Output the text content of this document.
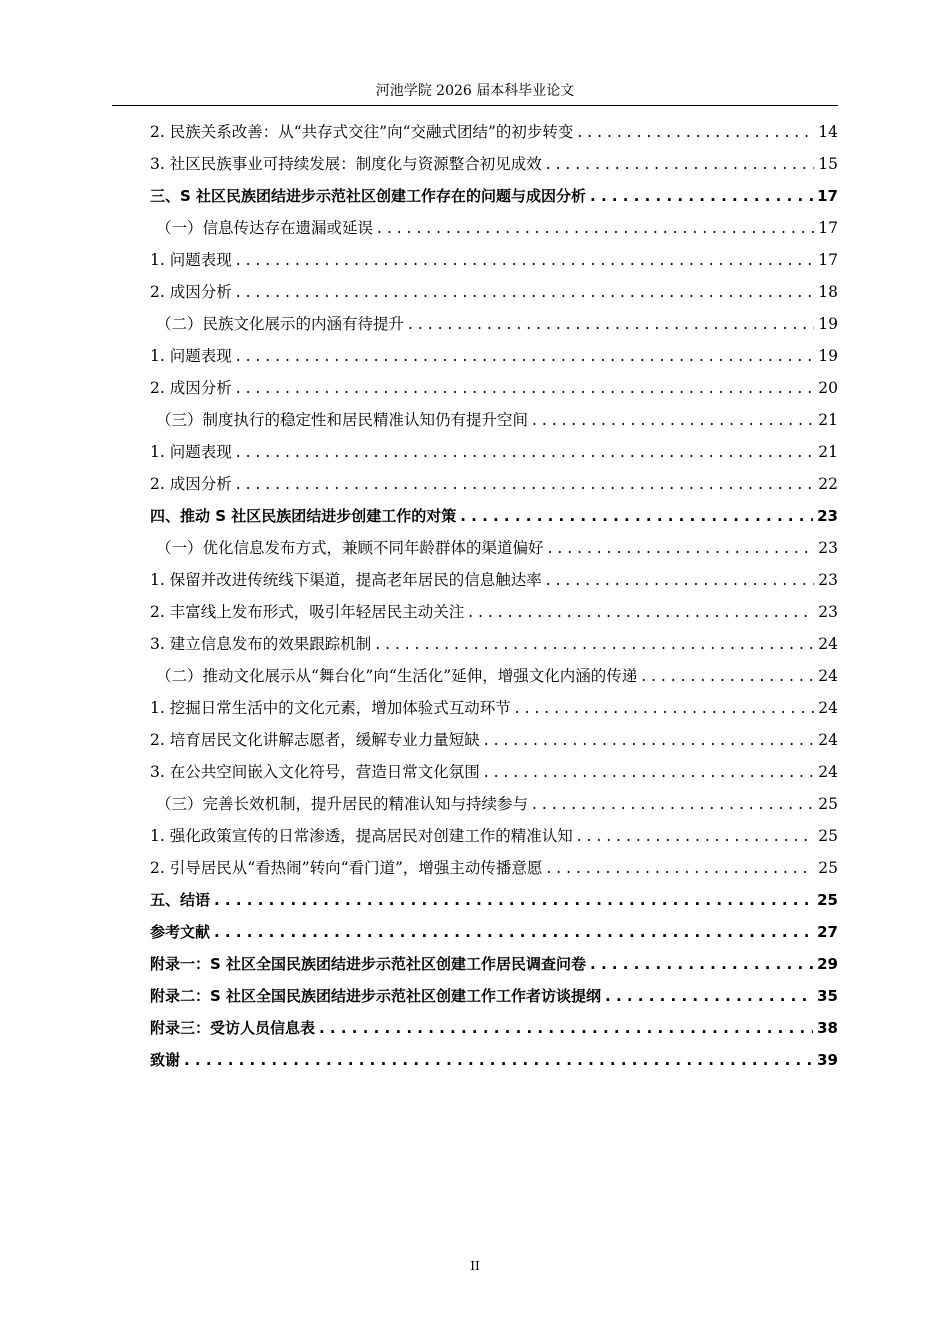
河池学院 2026 届本科毕业论文
2. 民族关系改善：从“共存式交往”向“交融式团结”的初步转变 . . .	14
3. 社区民族事业可持续发展：制度化与资源整合初见成效 . . .	15
三、S 社区民族团结进步示范社区创建工作存在的问题与成因分析 . . .	17
（一）信息传达存在遗漏或延误 . . .	17
1. 问题表现 . . .	17
2. 成因分析 . . .	18
（二）民族文化展示的内涵有待提升 . . .	19
1. 问题表现 . . .	19
2. 成因分析 . . .	20
（三）制度执行的稳定性和居民精准认知仍有提升空间 . . .	21
1. 问题表现 . . .	21
2. 成因分析 . . .	22
四、推动 S 社区民族团结进步创建工作的对策 . . .	23
（一）优化信息发布方式，兼顾不同年龄群体的渠道偏好 . . .	23
1. 保留并改进传统线下渠道，提高老年居民的信息触达率 . . .	23
2. 丰富线上发布形式，吸引年轻居民主动关注 . . .	23
3. 建立信息发布的效果跟踪机制 . . .	24
（二）推动文化展示从“舞台化”向“生活化”延伸，增强文化内涵的传递 . . .	24
1. 挖掘日常生活中的文化元素，增加体验式互动环节 . . .	24
2. 培育居民文化讲解志愿者，缓解专业力量短缺 . . .	24
3. 在公共空间嵌入文化符号，营造日常文化氛围 . . .	24
（三）完善长效机制，提升居民的精准认知与持续参与 . . .	25
1. 强化政策宣传的日常渗透，提高居民对创建工作的精准认知 . . .	25
2. 引导居民从“看热闹”转向“看门道”，增强主动传播意愿 . . .	25
五、结语 . . .	25
参考文献 . . .	27
附录一：S 社区全国民族团结进步示范社区创建工作居民调查问卷 . . .	29
附录二：S 社区全国民族团结进步示范社区创建工作工作者访谈提纲 . . .	35
附录三：受访人员信息表 . . .	38
致谢 . . .	39
II
